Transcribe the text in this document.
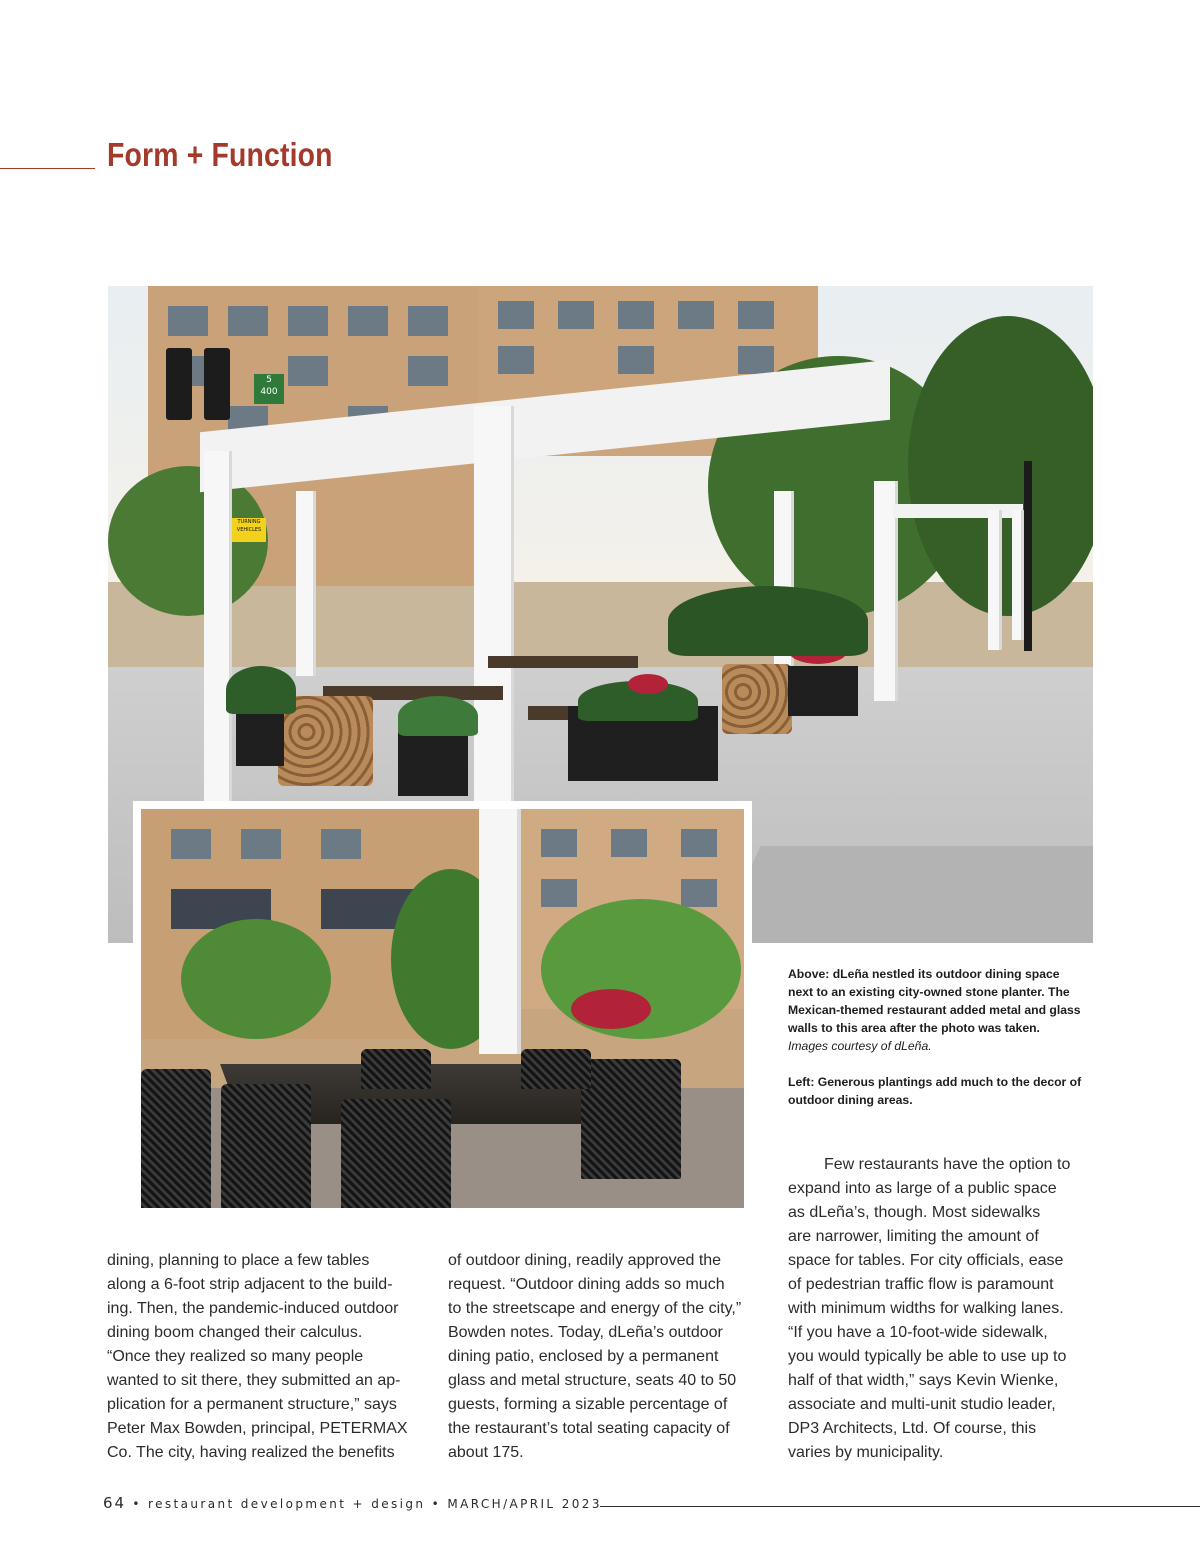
Form + Function
5
400
TURNING
VEHICLES

Above: dLeña nestled its outdoor dining space
next to an existing city-owned stone planter. The
Mexican-themed restaurant added metal and glass
walls to this area after the photo was taken.
Images courtesy of dLeña.

Left: Generous plantings add much to the decor of
outdoor dining areas.

dining, planning to place a few tables
along a 6-foot strip adjacent to the build-
ing. Then, the pandemic-induced outdoor
dining boom changed their calculus.
“Once they realized so many people
wanted to sit there, they submitted an ap-
plication for a permanent structure,” says
Peter Max Bowden, principal, PETERMAX
Co. The city, having realized the benefits

of outdoor dining, readily approved the
request. “Outdoor dining adds so much
to the streetscape and energy of the city,”
Bowden notes. Today, dLeña’s outdoor
dining patio, enclosed by a permanent
glass and metal structure, seats 40 to 50
guests, forming a sizable percentage of
the restaurant’s total seating capacity of
about 175.

Few restaurants have the option to
expand into as large of a public space
as dLeña’s, though. Most sidewalks
are narrower, limiting the amount of
space for tables. For city officials, ease
of pedestrian traffic flow is paramount
with minimum widths for walking lanes.
“If you have a 10-foot-wide sidewalk,
you would typically be able to use up to
half of that width,” says Kevin Wienke,
associate and multi-unit studio leader,
DP3 Architects, Ltd. Of course, this
varies by municipality.

64 • restaurant development + design • MARCH/APRIL 2023
